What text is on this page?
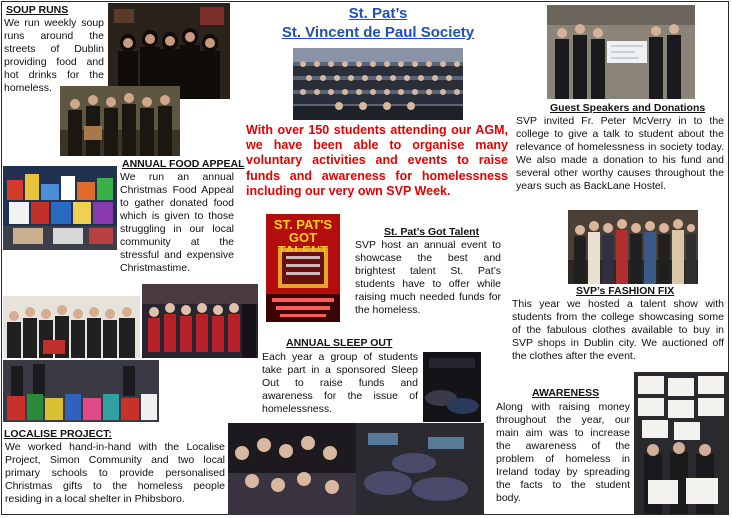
St. Pat’s
St. Vincent de Paul Society
SOUP RUNS
We run weekly soup runs around the streets of Dublin providing food and hot drinks for the homeless.
ANNUAL FOOD APPEAL
We run an annual Christmas Food Appeal to gather donated food which is given to those struggling in our local community at the stressful and expensive Christmastime.
LOCALISE PROJECT:
We worked hand-in-hand with the Localise Project, Simon Community and two local primary schools to provide personalised Christmas gifts to the homeless people residing in a local shelter in Phibsboro.
With over 150 students attending our AGM, we have been able to organise many voluntary activities and events to raise funds and awareness for homelessness including our very own SVP Week.
ST. PAT'S
GOT	St. Pat’s Got Talent
SVP host an annual event to showcase the best and brightest talent St. Pat’s students have to offer while raising much needed funds for the homeless.
ANNUAL SLEEP OUT
Each year a group of students take part in a sponsored Sleep Out to raise funds and awareness for the issue of homelessness.
Guest Speakers and Donations
SVP invited Fr. Peter McVerry in to the college to give a talk to student about the relevance of homelessness in society today. We also made a donation to his fund and several other worthy causes throughout the years such as BackLane Hostel.
SVP’s FASHION FIX
This year we hosted a talent show with students from the college showcasing some of the fabulous clothes available to buy in SVP shops in Dublin city. We auctioned off the clothes after the event.
AWARENESS
Along with raising money throughout the year, our main aim was to increase the awareness of the problem of homeless in Ireland today by spreading the facts to the student body.
